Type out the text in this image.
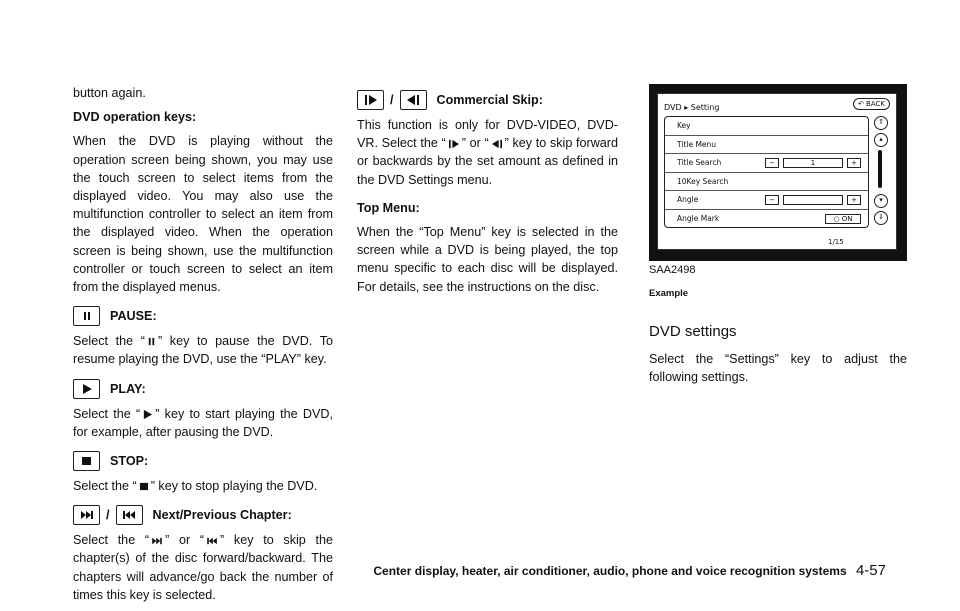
button again.

DVD operation keys:

When the DVD is playing without the operation screen being shown, you may use the touch screen to select items from the displayed video. You may also use the multifunction controller to select an item from the displayed video. When the operation screen is being shown, use the multifunction controller or touch screen to select an item from the displayed menus.

PAUSE:

Select the “ ” key to pause the DVD. To resume playing the DVD, use the “PLAY” key.

PLAY:

Select the “ ” key to start playing the DVD, for example, after pausing the DVD.

STOP:

Select the “ ” key to stop playing the DVD.

/	Next/Previous Chapter:

Select the “ ” or “ ” key to skip the chapter(s) of the disc forward/backward. The chapters will advance/go back the number of times this key is selected.

/	Commercial Skip:

This function is only for DVD-VIDEO, DVD-VR. Select the “ ” or “ ” key to skip forward or backwards by the set amount as defined in the DVD Settings menu.

Top Menu:

When the “Top Menu” key is selected in the screen while a DVD is being played, the top menu specific to each disc will be displayed. For details, see the instructions on the disc.

DVD ▸ Setting	↶ BACK
Key
Title Menu
Title Search	−	1	+
10Key Search
Angle	−	+
Angle Mark	○ ON
⇑
▴
▾
⇓
1/15

SAA2498

Example

DVD settings

Select the “Settings” key to adjust the following settings.

Center display, heater, air conditioner, audio, phone and voice recognition systems 4-57
